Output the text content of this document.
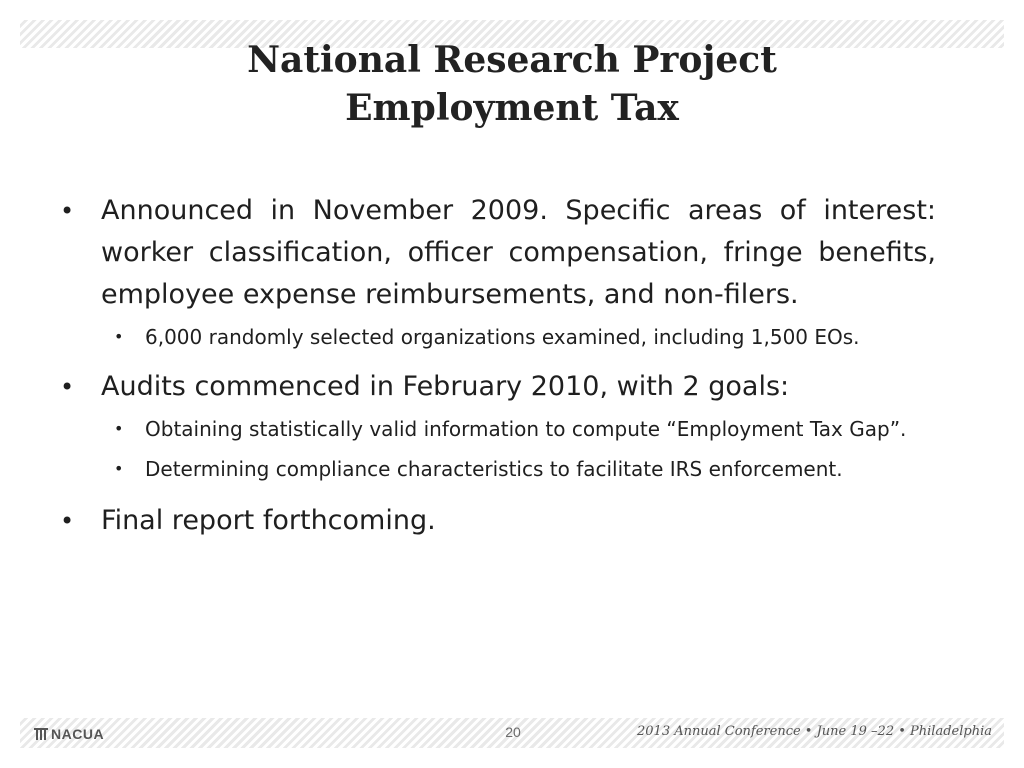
National Research Project
Employment Tax
• Announced in November 2009. Specific areas of interest: worker classification, officer compensation, fringe benefits, employee expense reimbursements, and non-filers.
• 6,000 randomly selected organizations examined, including 1,500 EOs.
• Audits commenced in February 2010, with 2 goals:
• Obtaining statistically valid information to compute “Employment Tax Gap”.
• Determining compliance characteristics to facilitate IRS enforcement.
• Final report forthcoming.
NACUA	20	2013 Annual Conference • June 19 –22 • Philadelphia
